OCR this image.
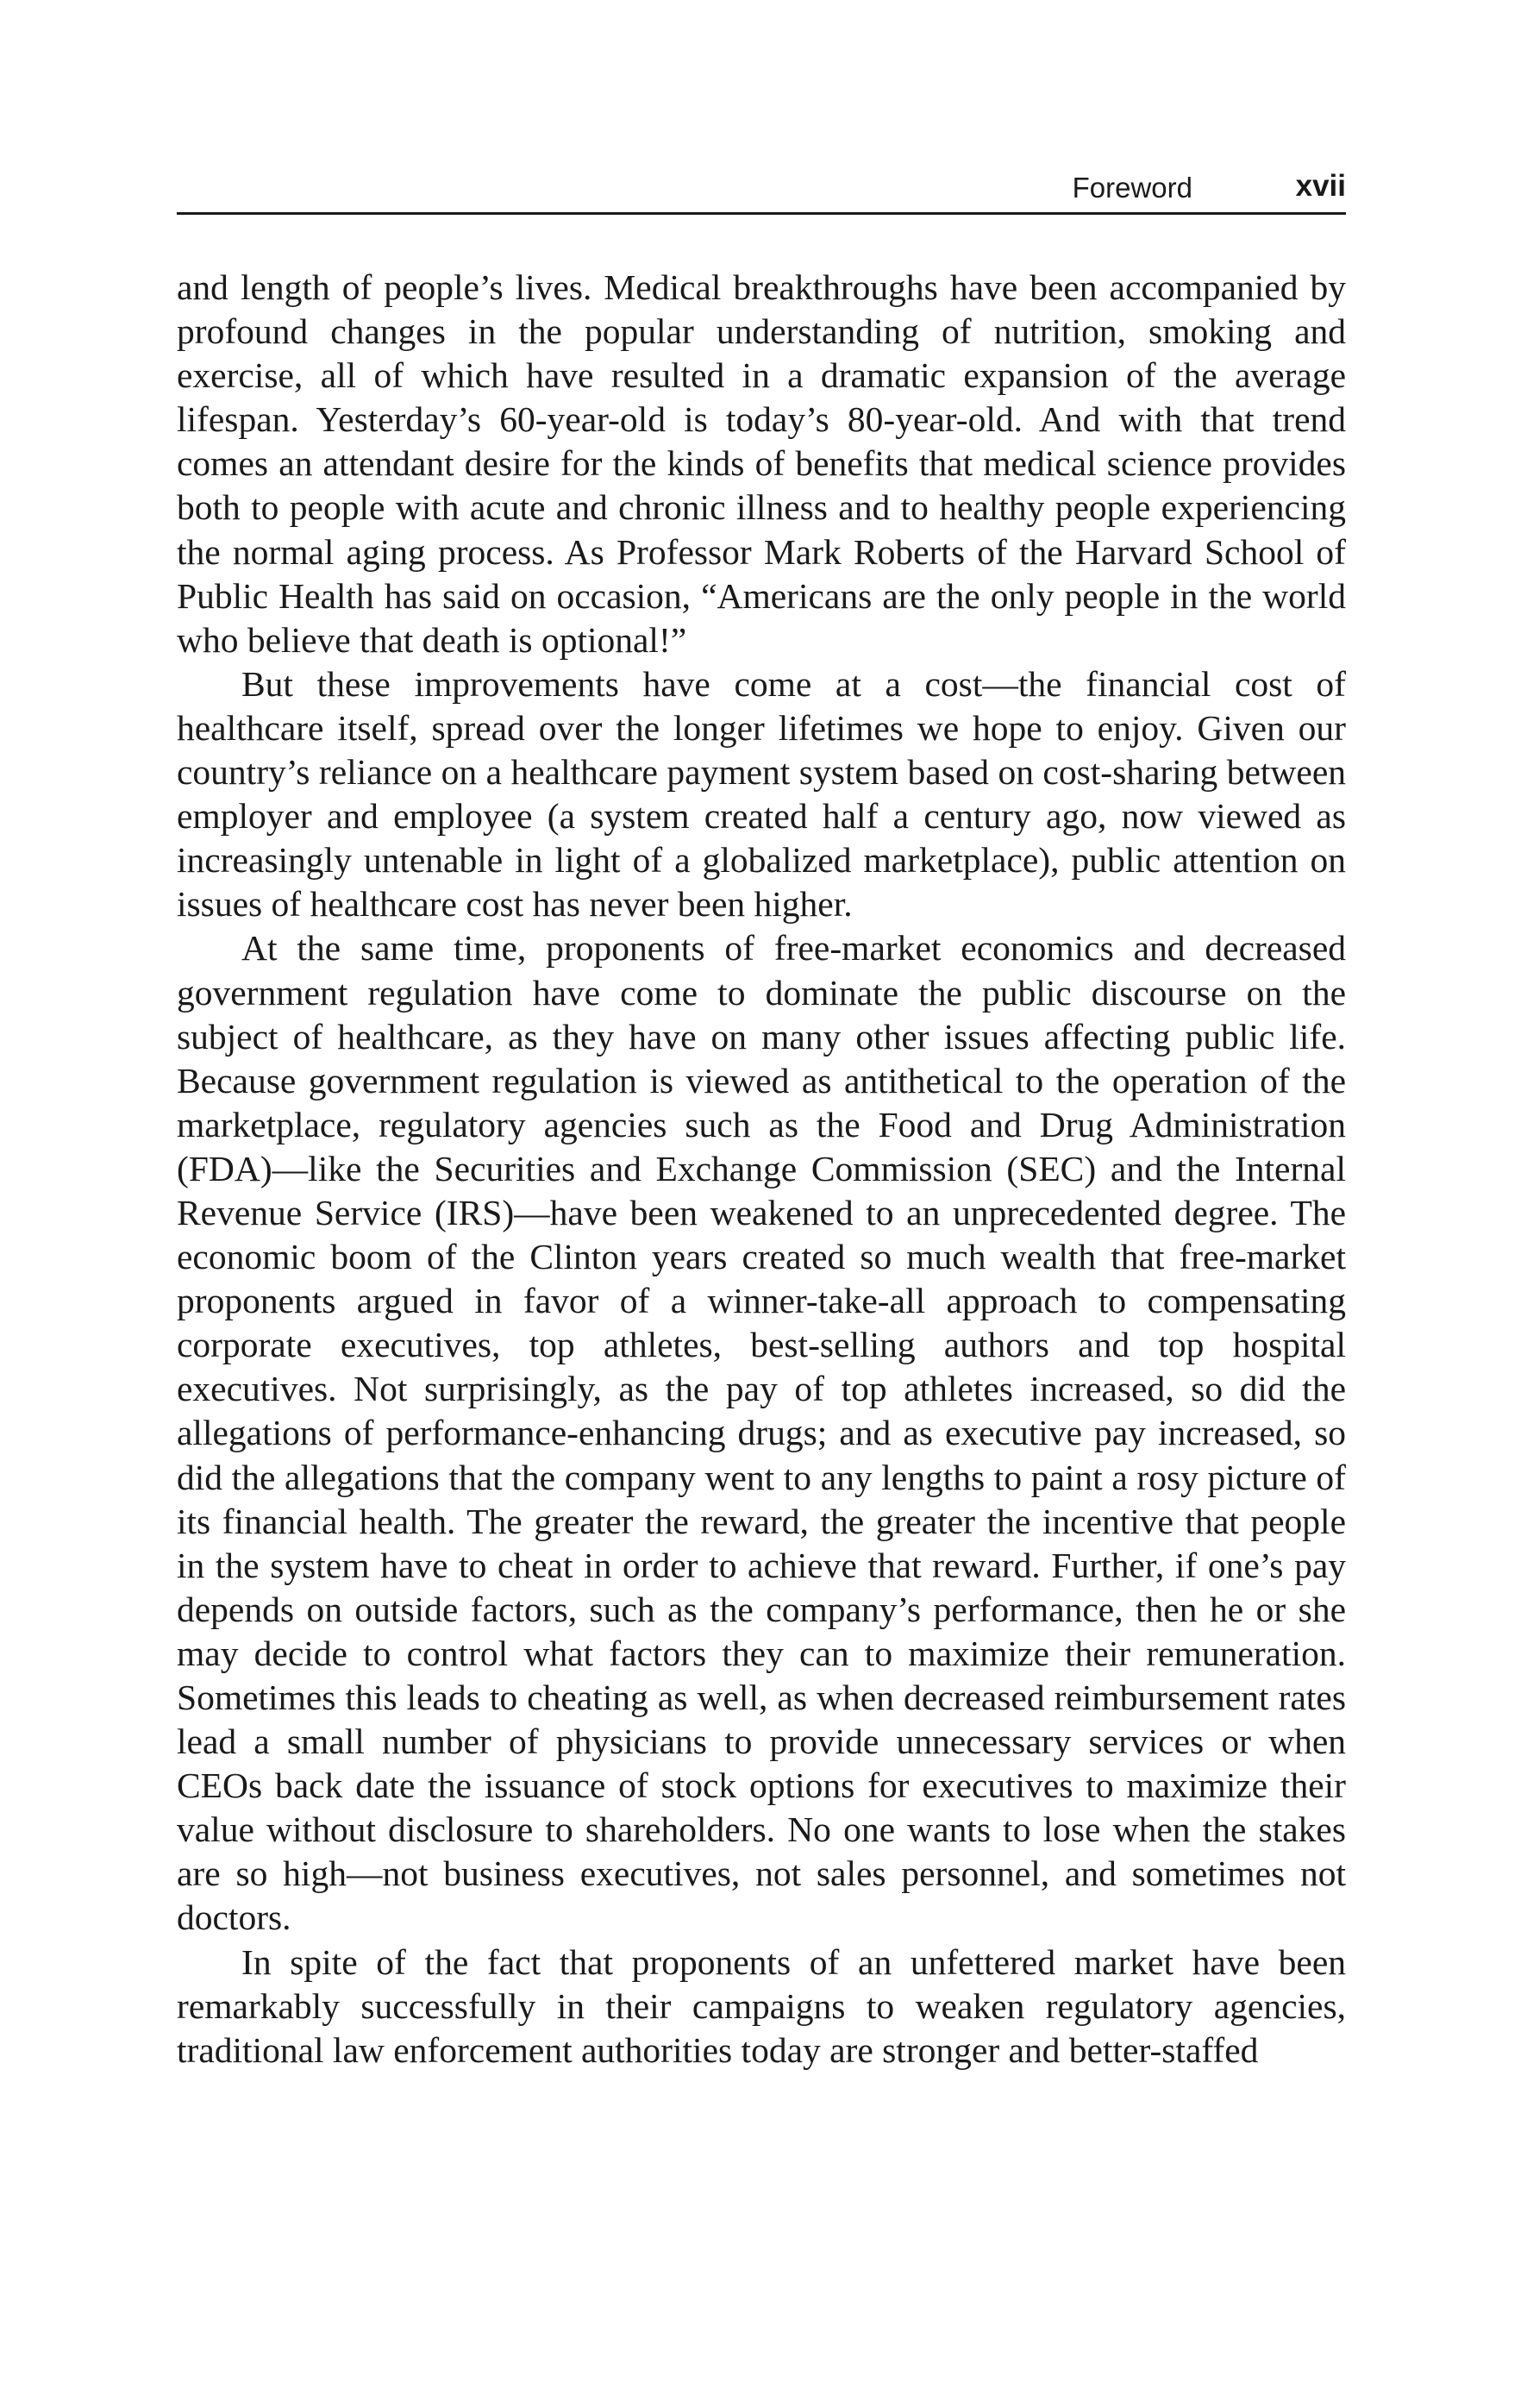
Foreword	xvii

and length of people’s lives. Medical breakthroughs have been accompanied by profound changes in the popular understanding of nutrition, smoking and exercise, all of which have resulted in a dramatic expansion of the average lifespan. Yesterday’s 60-year-old is today’s 80-year-old. And with that trend comes an attendant desire for the kinds of benefits that medical science provides both to people with acute and chronic illness and to healthy people experiencing the normal aging process. As Professor Mark Roberts of the Harvard School of Public Health has said on occasion, “Americans are the only people in the world who believe that death is optional!”

But these improvements have come at a cost—the financial cost of healthcare itself, spread over the longer lifetimes we hope to enjoy. Given our country’s reliance on a healthcare payment system based on cost-sharing between employer and employee (a system created half a century ago, now viewed as increasingly untenable in light of a globalized marketplace), public attention on issues of healthcare cost has never been higher.

At the same time, proponents of free-market economics and decreased government regulation have come to dominate the public discourse on the subject of healthcare, as they have on many other issues affecting public life. Because government regulation is viewed as antithetical to the operation of the marketplace, regulatory agencies such as the Food and Drug Administration (FDA)—like the Securities and Exchange Commission (SEC) and the Internal Revenue Service (IRS)—have been weakened to an unprecedented degree. The economic boom of the Clinton years created so much wealth that free-market proponents argued in favor of a winner-take-all approach to compensating corporate executives, top athletes, best-selling authors and top hospital executives. Not surprisingly, as the pay of top athletes increased, so did the allegations of performance-enhancing drugs; and as executive pay increased, so did the allegations that the company went to any lengths to paint a rosy picture of its financial health. The greater the reward, the greater the incentive that people in the system have to cheat in order to achieve that reward. Further, if one’s pay depends on outside factors, such as the company’s performance, then he or she may decide to control what factors they can to maximize their remuneration. Sometimes this leads to cheating as well, as when decreased reimbursement rates lead a small number of physicians to provide unnecessary services or when CEOs back date the issuance of stock options for executives to maximize their value without disclosure to shareholders. No one wants to lose when the stakes are so high—not business executives, not sales personnel, and sometimes not doctors.

In spite of the fact that proponents of an unfettered market have been remarkably successfully in their campaigns to weaken regulatory agencies, traditional law enforcement authorities today are stronger and better-staffed
